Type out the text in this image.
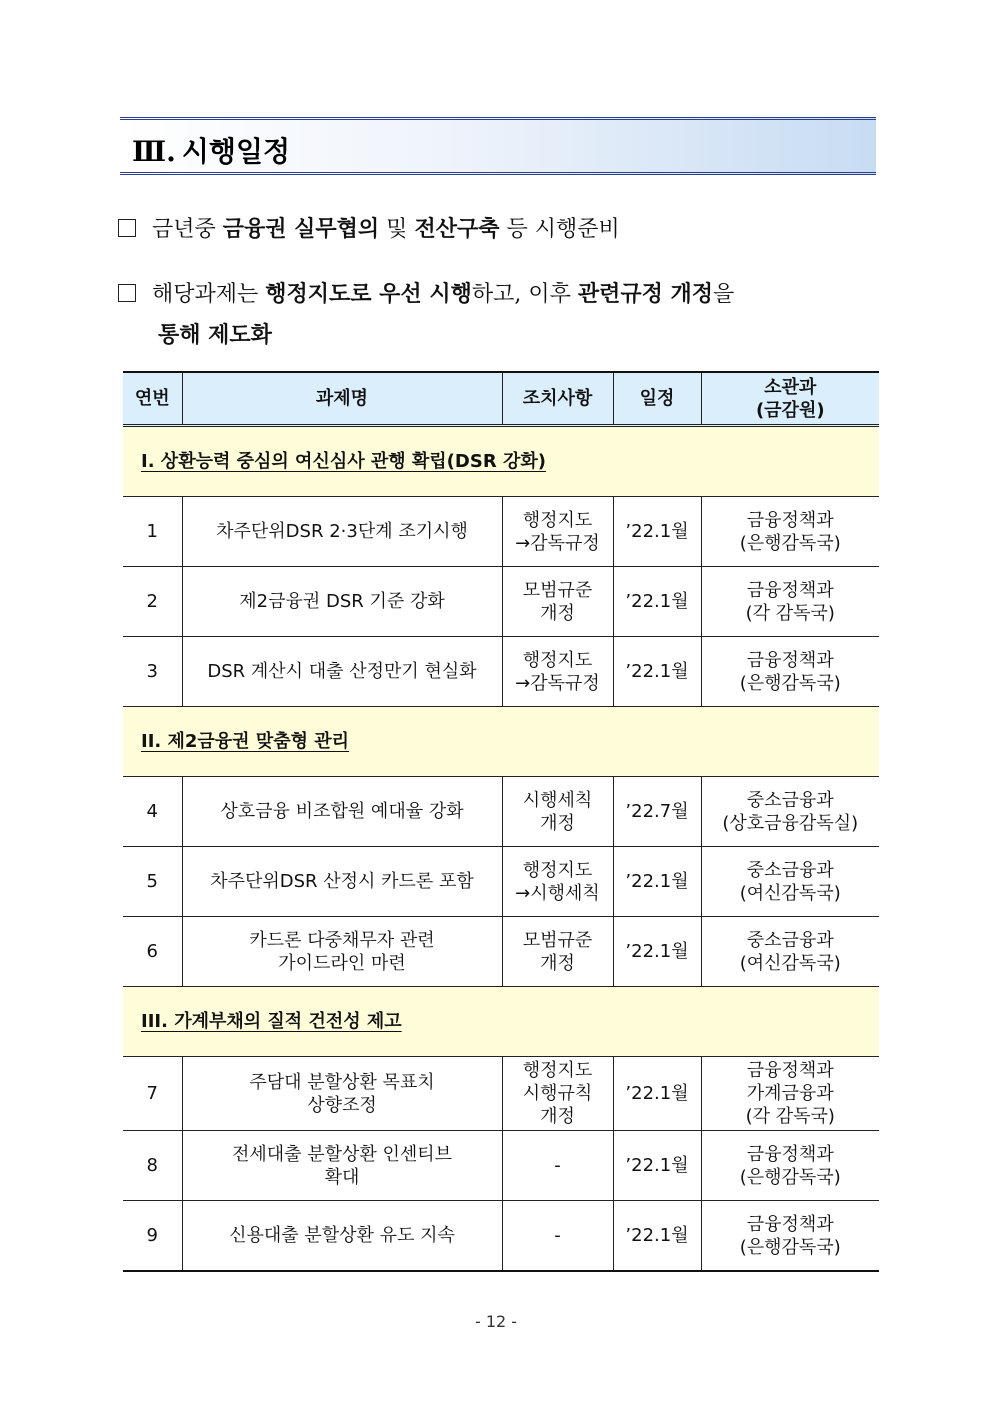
Ⅲ. 시행일정
금년중 금융권 실무협의 및 전산구축 등 시행준비
해당과제는 행정지도로 우선 시행하고, 이후 관련규정 개정을
통해 제도화
연번	과제명	조치사항	일정	소관과
(금감원)
I. 상환능력 중심의 여신심사 관행 확립(DSR 강화)				
1	차주단위DSR 2·3단계 조기시행	행정지도
→감독규정	’22.1월	금융정책과
(은행감독국)
2	제2금융권 DSR 기준 강화	모범규준
개정	’22.1월	금융정책과
(각 감독국)
3	DSR 계산시 대출 산정만기 현실화	행정지도
→감독규정	’22.1월	금융정책과
(은행감독국)
II. 제2금융권 맞춤형 관리				
4	상호금융 비조합원 예대율 강화	시행세칙
개정	’22.7월	중소금융과
(상호금융감독실)
5	차주단위DSR 산정시 카드론 포함	행정지도
→시행세칙	’22.1월	중소금융과
(여신감독국)
6	카드론 다중채무자 관련
가이드라인 마련	모범규준
개정	’22.1월	중소금융과
(여신감독국)
III. 가계부채의 질적 건전성 제고				
7	주담대 분할상환 목표치
상향조정	행정지도
시행규칙
개정	’22.1월	금융정책과
가계금융과
(각 감독국)
8	전세대출 분할상환 인센티브
확대	-	’22.1월	금융정책과
(은행감독국)
9	신용대출 분할상환 유도 지속	-	’22.1월	금융정책과
(은행감독국)
- 12 -
